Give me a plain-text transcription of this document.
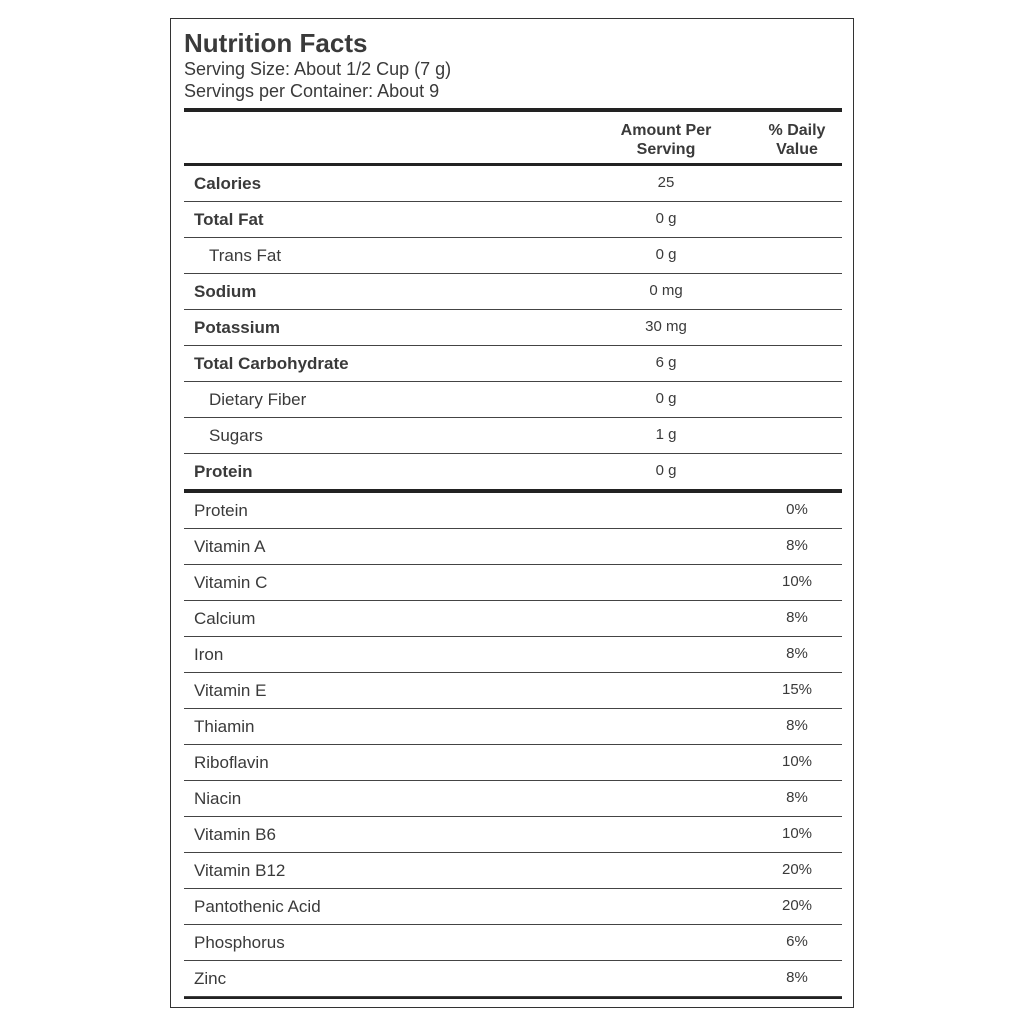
Nutrition Facts
Serving Size: About 1/2 Cup (7 g)
Servings per Container: About 9
Amount Per Serving
% Daily Value
Calories	25
Total Fat	0 g
Trans Fat	0 g
Sodium	0 mg
Potassium	30 mg
Total Carbohydrate	6 g
Dietary Fiber	0 g
Sugars	1 g
Protein	0 g
Protein	0%
Vitamin A	8%
Vitamin C	10%
Calcium	8%
Iron	8%
Vitamin E	15%
Thiamin	8%
Riboflavin	10%
Niacin	8%
Vitamin B6	10%
Vitamin B12	20%
Pantothenic Acid	20%
Phosphorus	6%
Zinc	8%
